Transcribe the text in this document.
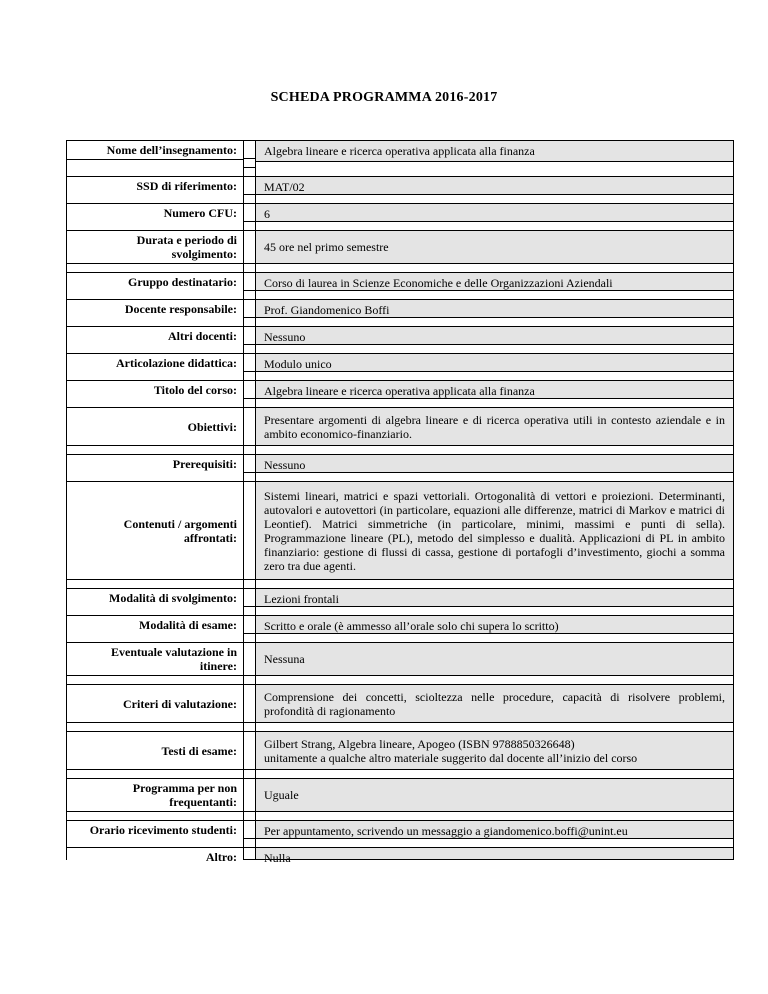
SCHEDA PROGRAMMA 2016-2017
Nome dell’insegnamento:	Algebra lineare e ricerca operativa applicata alla finanza
SSD di riferimento:	MAT/02
Numero CFU:	6
Durata e periodo di svolgimento:	45 ore nel primo semestre
Gruppo destinatario:	Corso di laurea in Scienze Economiche e delle Organizzazioni Aziendali
Docente responsabile:	Prof. Giandomenico Boffi
Altri docenti:	Nessuno
Articolazione didattica:	Modulo unico
Titolo del corso:	Algebra lineare e ricerca operativa applicata alla finanza
Obiettivi:	Presentare argomenti di algebra lineare e di ricerca operativa utili in contesto aziendale e in ambito economico-finanziario.
Prerequisiti:	Nessuno
Contenuti / argomenti affrontati:
Sistemi lineari, matrici e spazi vettoriali. Ortogonalità di vettori e proiezioni. Determinanti, autovalori e autovettori (in particolare, equazioni alle differenze, matrici di Markov e matrici di Leontief). Matrici simmetriche (in particolare, minimi, massimi e punti di sella). Programmazione lineare (PL), metodo del simplesso e dualità. Applicazioni di PL in ambito finanziario: gestione di flussi di cassa, gestione di portafogli d’investimento, giochi a somma zero tra due agenti.
Modalità di svolgimento:	Lezioni frontali
Modalità di esame:	Scritto e orale (è ammesso all’orale solo chi supera lo scritto)
Eventuale valutazione in itinere:	Nessuna
Criteri di valutazione:	Comprensione dei concetti, scioltezza nelle procedure, capacità di risolvere problemi, profondità di ragionamento
Testi di esame:	Gilbert Strang, Algebra lineare, Apogeo (ISBN 9788850326648)
unitamente a qualche altro materiale suggerito dal docente all’inizio del corso
Programma per non frequentanti:	Uguale
Orario ricevimento studenti:	Per appuntamento, scrivendo un messaggio a giandomenico.boffi@unint.eu
Altro:	Nulla
